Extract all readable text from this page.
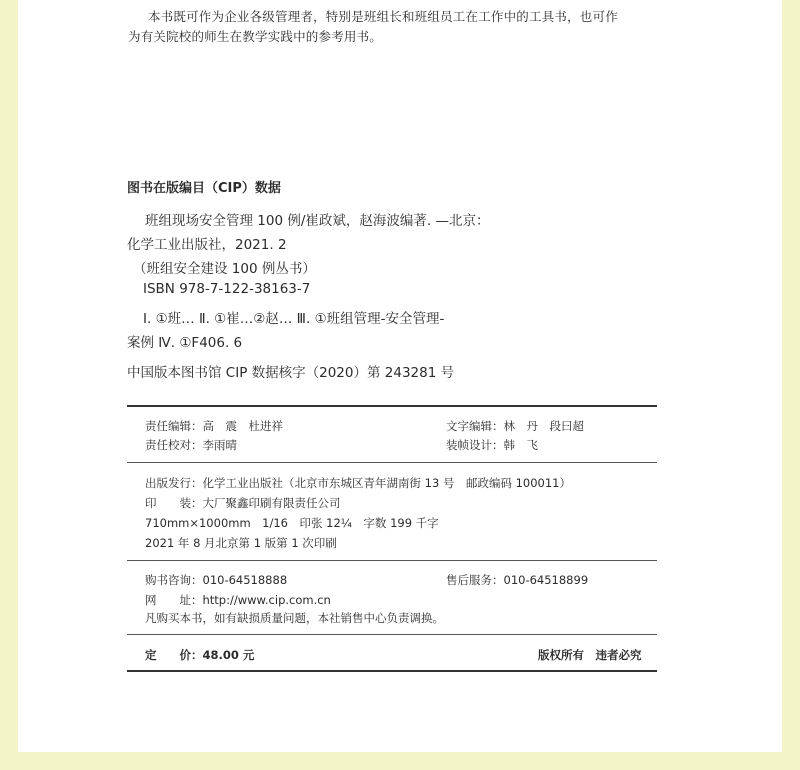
本书既可作为企业各级管理者，特别是班组长和班组员工在工作中的工具书，也可作
为有关院校的师生在教学实践中的参考用书。
图书在版编目（CIP）数据
班组现场安全管理 100 例/崔政斌，赵海波编著. —北京：
化学工业出版社，2021. 2
（班组安全建设 100 例丛书）
ISBN 978-7-122-38163-7
Ⅰ. ①班… Ⅱ. ①崔…②赵… Ⅲ. ①班组管理-安全管理-
案例 Ⅳ. ①F406. 6
中国版本图书馆 CIP 数据核字（2020）第 243281 号
责任编辑：高　震　杜进祥	文字编辑：林　丹　段曰超
责任校对：李雨晴	装帧设计：韩　飞
出版发行：化学工业出版社（北京市东城区青年湖南街 13 号　邮政编码 100011）
印　　装：大厂聚鑫印刷有限责任公司
710mm×1000mm　1/16　印张 12¼　字数 199 千字
2021 年 8 月北京第 1 版第 1 次印刷
购书咨询：010-64518888	售后服务：010-64518899
网　　址：http://www.cip.com.cn
凡购买本书，如有缺损质量问题，本社销售中心负责调换。
定　　价：48.00 元	版权所有　违者必究
